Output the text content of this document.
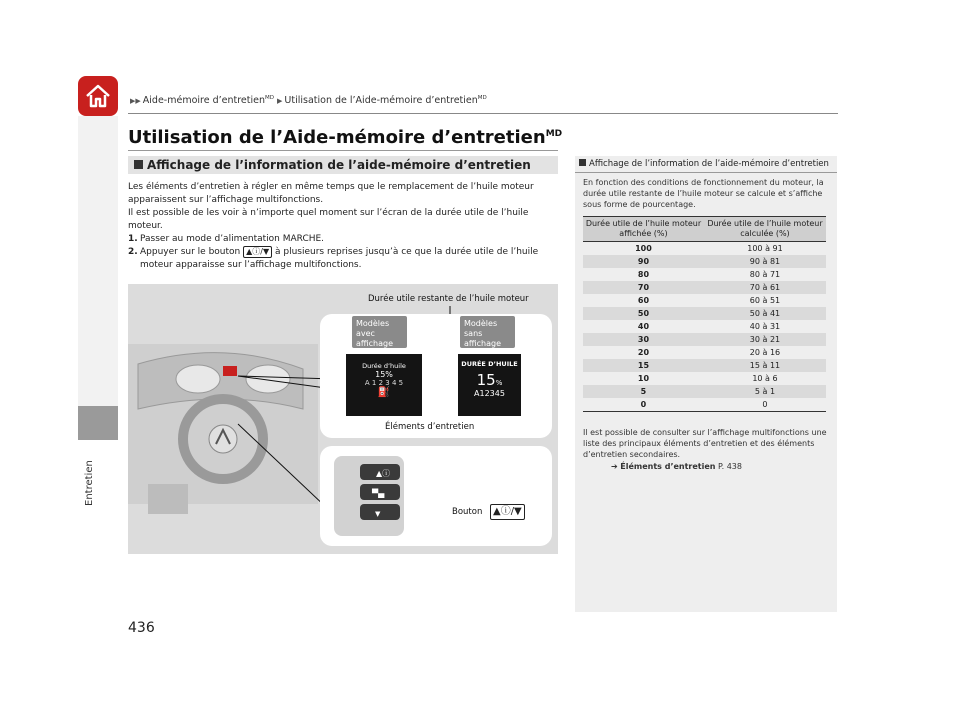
Entretien
▶▶ Aide-mémoire d’entretien$^{MD}$ ▶ Utilisation de l’Aide-mémoire d’entretien$^{MD}$
Utilisation de l’Aide-mémoire d’entretien$^{MD}$
Affichage de l’information de l’aide-mémoire d’entretien

Les éléments d’entretien à régler en même temps que le remplacement de l’huile moteur apparaissent sur l’affichage multifonctions.

Il est possible de les voir à n’importe quel moment sur l’écran de la durée utile de l’huile moteur.

1. Passer au mode d’alimentation MARCHE.
2. Appuyer sur le bouton ▲ⓘ/▼ à plusieurs reprises jusqu’à ce que la durée utile de l’huile moteur apparaisse sur l’affichage multifonctions.
Durée utile restante de l’huile moteur
Modèles avec affichage
Modèles sans affichage
Durée d’huile
15%
A 1 2 3 4 5
⛽
DURÉE D’HUILE
15%
A12345
Éléments d’entretien
▲ⓘ
▀▄
▼	Bouton	▲ⓘ/▼
Affichage de l’information de l’aide-mémoire d’entretien
En fonction des conditions de fonctionnement du moteur, la durée utile restante de l’huile moteur se calcule et s’affiche sous forme de pourcentage.
Durée utile de l’huile moteur affichée (%)	Durée utile de l’huile moteur calculée (%)
100	100 à 91
90	90 à 81
80	80 à 71
70	70 à 61
60	60 à 51
50	50 à 41
40	40 à 31
30	30 à 21
20	20 à 16
15	15 à 11
10	10 à 6
5	5 à 1
0	0
Il est possible de consulter sur l’affichage multifonctions une liste des principaux éléments d’entretien et des éléments d’entretien secondaires.
➔ Éléments d’entretien P. 438
436
